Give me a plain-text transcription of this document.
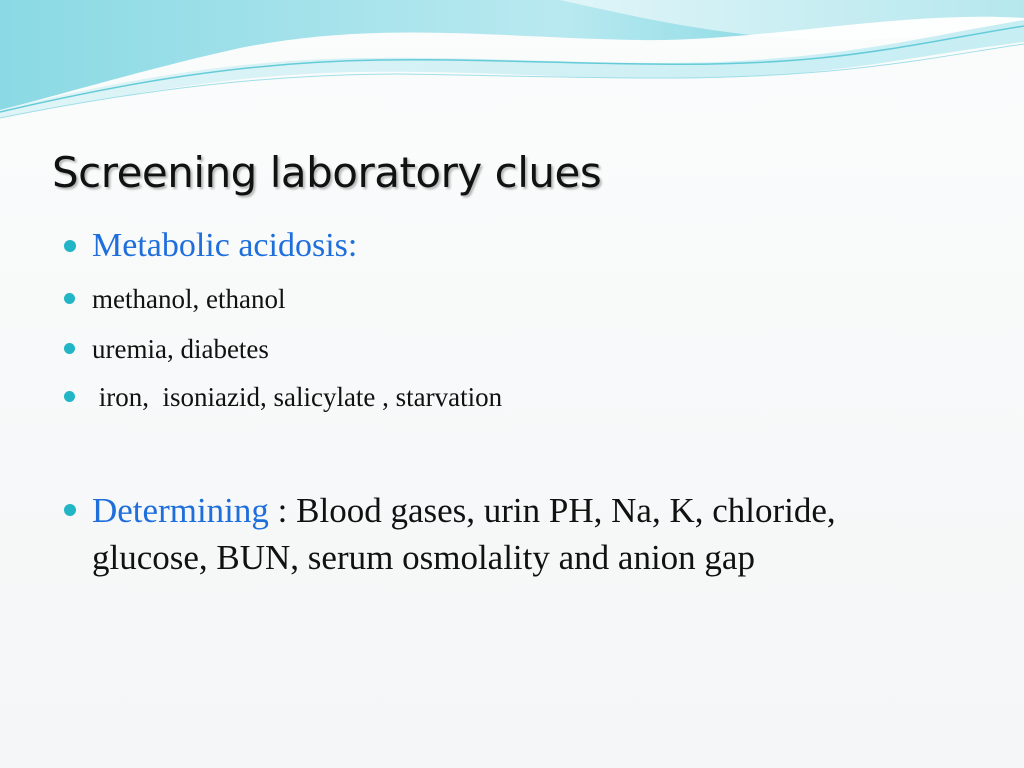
Screening laboratory clues
Metabolic acidosis:
methanol, ethanol
uremia, diabetes
iron,  isoniazid, salicylate , starvation
Determining : Blood gases, urin PH, Na, K, chloride, glucose, BUN, serum osmolality and anion gap
